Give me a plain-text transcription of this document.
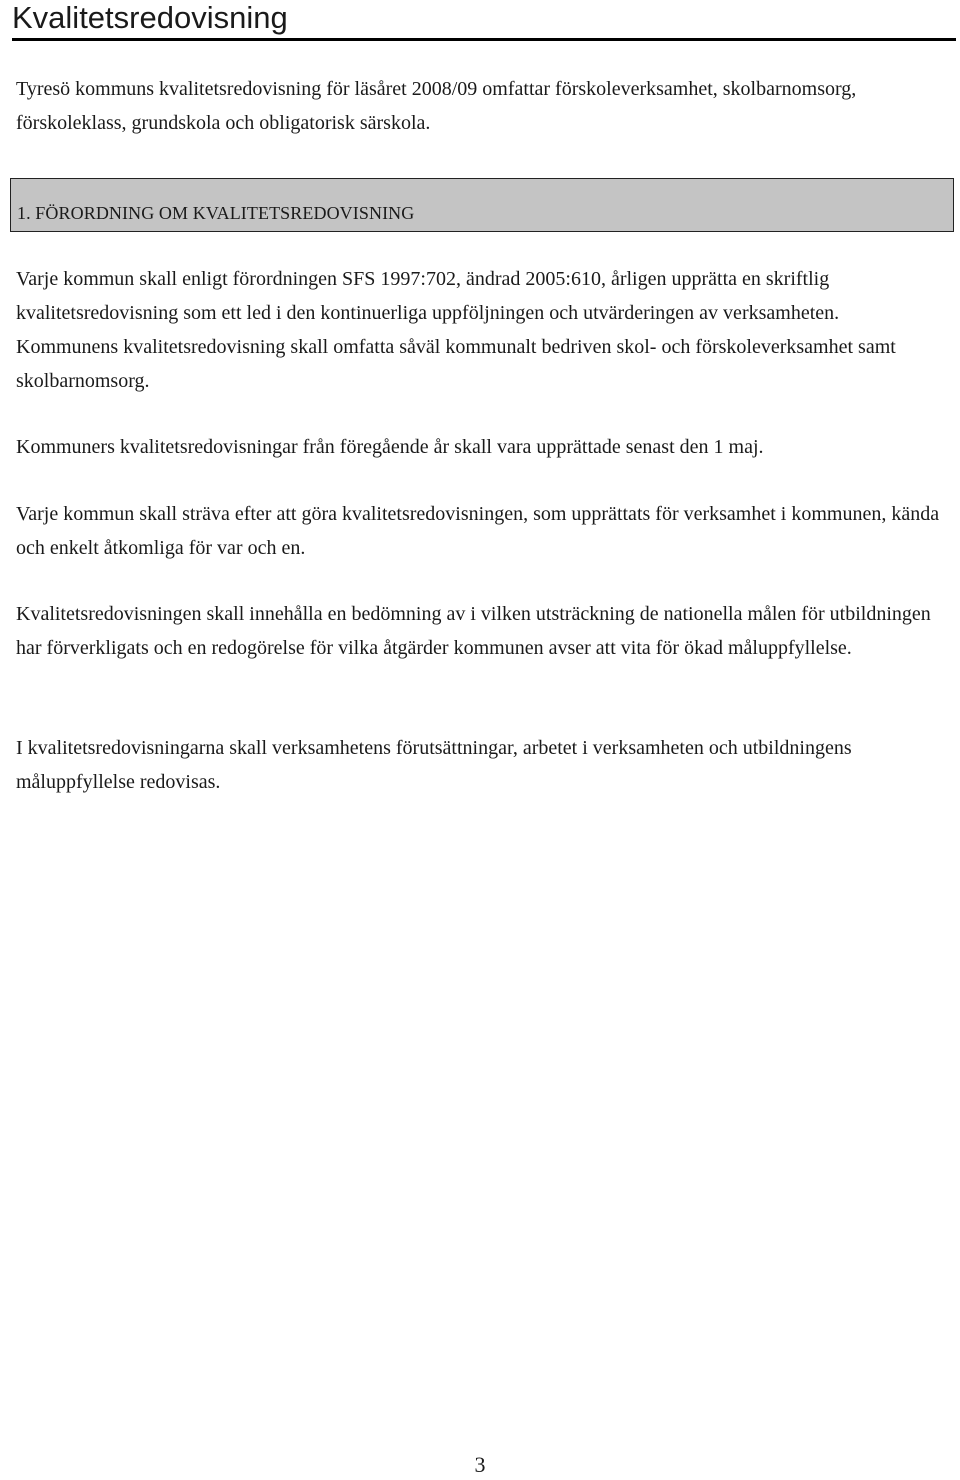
Kvalitetsredovisning

Tyresö kommuns kvalitetsredovisning för läsåret 2008/09 omfattar förskoleverksamhet, skolbarnomsorg, förskoleklass, grundskola och obligatorisk särskola.

1. FÖRORDNING OM KVALITETSREDOVISNING

Varje kommun skall enligt förordningen SFS 1997:702, ändrad 2005:610, årligen upprätta en skriftlig kvalitetsredovisning som ett led i den kontinuerliga uppföljningen och utvärderingen av verksamheten. Kommunens kvalitetsredovisning skall omfatta såväl kommunalt bedriven skol- och förskoleverksamhet samt skolbarnomsorg.

Kommuners kvalitetsredovisningar från föregående år skall vara upprättade senast den 1 maj.

Varje kommun skall sträva efter att göra kvalitetsredovisningen, som upprättats för verksamhet i kommunen, kända och enkelt åtkomliga för var och en.

Kvalitetsredovisningen skall innehålla en bedömning av i vilken utsträckning de nationella målen för utbildningen har förverkligats och en redogörelse för vilka åtgärder kommunen avser att vita för ökad måluppfyllelse.

I kvalitetsredovisningarna skall verksamhetens förutsättningar, arbetet i verksamheten och utbildningens måluppfyllelse redovisas.

3
